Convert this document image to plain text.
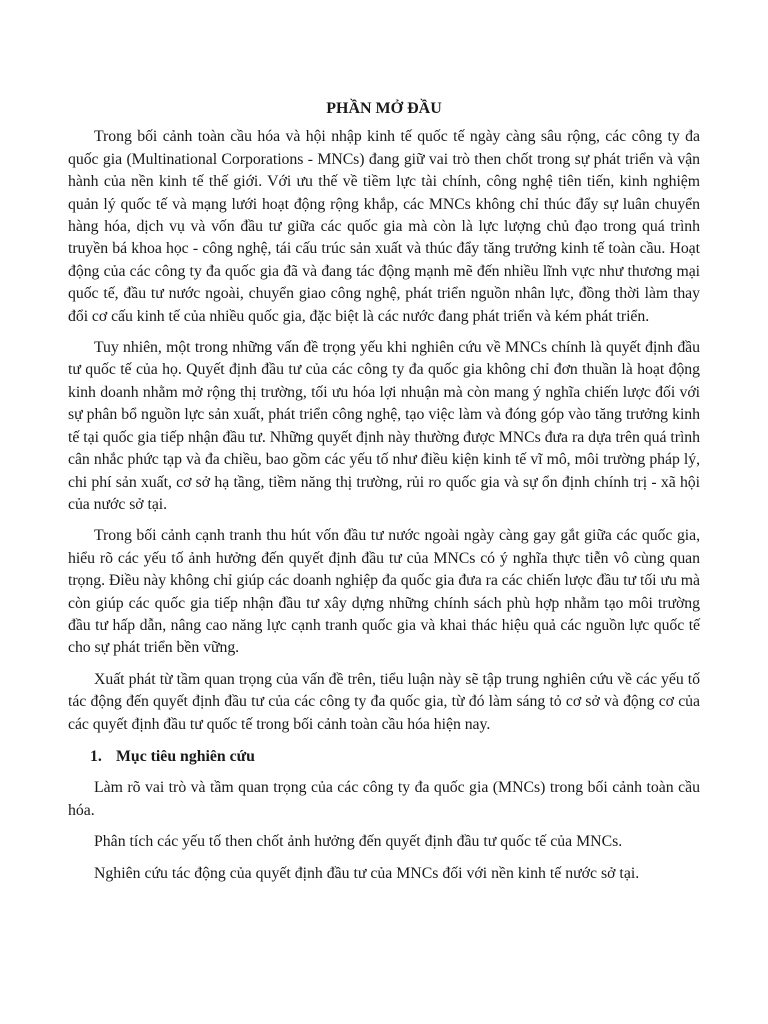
PHẦN MỞ ĐẦU

Trong bối cảnh toàn cầu hóa và hội nhập kinh tế quốc tế ngày càng sâu rộng, các công ty đa quốc gia (Multinational Corporations - MNCs) đang giữ vai trò then chốt trong sự phát triển và vận hành của nền kinh tế thế giới. Với ưu thế về tiềm lực tài chính, công nghệ tiên tiến, kinh nghiệm quản lý quốc tế và mạng lưới hoạt động rộng khắp, các MNCs không chỉ thúc đẩy sự luân chuyển hàng hóa, dịch vụ và vốn đầu tư giữa các quốc gia mà còn là lực lượng chủ đạo trong quá trình truyền bá khoa học - công nghệ, tái cấu trúc sản xuất và thúc đẩy tăng trưởng kinh tế toàn cầu. Hoạt động của các công ty đa quốc gia đã và đang tác động mạnh mẽ đến nhiều lĩnh vực như thương mại quốc tế, đầu tư nước ngoài, chuyển giao công nghệ, phát triển nguồn nhân lực, đồng thời làm thay đổi cơ cấu kinh tế của nhiều quốc gia, đặc biệt là các nước đang phát triển và kém phát triển.

Tuy nhiên, một trong những vấn đề trọng yếu khi nghiên cứu về MNCs chính là quyết định đầu tư quốc tế của họ. Quyết định đầu tư của các công ty đa quốc gia không chỉ đơn thuần là hoạt động kinh doanh nhằm mở rộng thị trường, tối ưu hóa lợi nhuận mà còn mang ý nghĩa chiến lược đối với sự phân bổ nguồn lực sản xuất, phát triển công nghệ, tạo việc làm và đóng góp vào tăng trưởng kinh tế tại quốc gia tiếp nhận đầu tư. Những quyết định này thường được MNCs đưa ra dựa trên quá trình cân nhắc phức tạp và đa chiều, bao gồm các yếu tố như điều kiện kinh tế vĩ mô, môi trường pháp lý, chi phí sản xuất, cơ sở hạ tầng, tiềm năng thị trường, rủi ro quốc gia và sự ổn định chính trị - xã hội của nước sở tại.

Trong bối cảnh cạnh tranh thu hút vốn đầu tư nước ngoài ngày càng gay gắt giữa các quốc gia, hiểu rõ các yếu tố ảnh hưởng đến quyết định đầu tư của MNCs có ý nghĩa thực tiễn vô cùng quan trọng. Điều này không chỉ giúp các doanh nghiệp đa quốc gia đưa ra các chiến lược đầu tư tối ưu mà còn giúp các quốc gia tiếp nhận đầu tư xây dựng những chính sách phù hợp nhằm tạo môi trường đầu tư hấp dẫn, nâng cao năng lực cạnh tranh quốc gia và khai thác hiệu quả các nguồn lực quốc tế cho sự phát triển bền vững.

Xuất phát từ tầm quan trọng của vấn đề trên, tiểu luận này sẽ tập trung nghiên cứu về các yếu tố tác động đến quyết định đầu tư của các công ty đa quốc gia, từ đó làm sáng tỏ cơ sở và động cơ của các quyết định đầu tư quốc tế trong bối cảnh toàn cầu hóa hiện nay.

1. Mục tiêu nghiên cứu

Làm rõ vai trò và tầm quan trọng của các công ty đa quốc gia (MNCs) trong bối cảnh toàn cầu hóa.

Phân tích các yếu tố then chốt ảnh hưởng đến quyết định đầu tư quốc tế của MNCs.

Nghiên cứu tác động của quyết định đầu tư của MNCs đối với nền kinh tế nước sở tại.
